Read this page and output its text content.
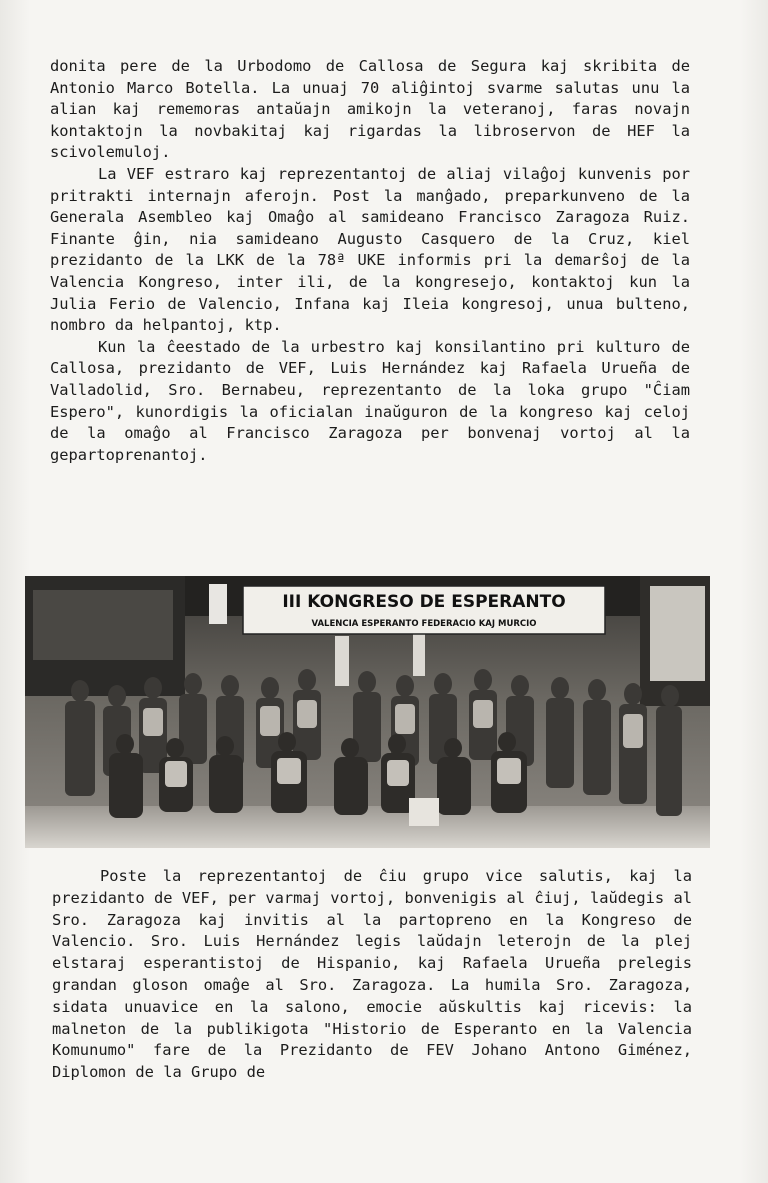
donita pere de la Urbodomo de Callosa de Segura kaj skribita de Antonio Marco Botella. La unuaj 70 aliĝintoj svarme salutas unu la alian kaj rememoras antaŭajn amikojn la veteranoj, faras novajn kontaktojn la novbakitaj kaj rigardas la libroservon de HEF la scivolemuloj.

La VEF estraro kaj reprezentantoj de aliaj vilaĝoj kunvenis por pritrakti internajn aferojn. Post la manĝado, preparkunveno de la Generala Asembleo kaj Omaĝo al samideano Francisco Zaragoza Ruiz. Finante ĝin, nia samideano Augusto Casquero de la Cruz, kiel prezidanto de la LKK de la 78ª UKE informis pri la demarŝoj de la Valencia Kongreso, inter ili, de la kongresejo, kontaktoj kun la Julia Ferio de Valencio, Infana kaj Ileia kongresoj, unua bulteno, nombro da helpantoj, ktp.

Kun la ĉeestado de la urbestro kaj konsilantino pri kulturo de Callosa, prezidanto de VEF, Luis Hernández kaj Rafaela Urueña de Valladolid, Sro. Bernabeu, reprezentanto de la loka grupo "Ĉiam Espero", kunordigis la oficialan inaŭguron de la kongreso kaj celoj de la omaĝo al Francisco Zaragoza per bonvenaj vortoj al la gepartoprenantoj.

III KONGRESO DE ESPERANTO
VALENCIA ESPERANTO FEDERACIO KAJ MURCIO

Poste la reprezentantoj de ĉiu grupo vice salutis, kaj la prezidanto de VEF, per varmaj vortoj, bonvenigis al ĉiuj, laŭdegis al Sro. Zaragoza kaj invitis al la partopreno en la Kongreso de Valencio. Sro. Luis Hernández legis laŭdajn leterojn de la plej elstaraj esperantistoj de Hispanio, kaj Rafaela Urueña prelegis grandan gloson omaĝe al Sro. Zaragoza. La humila Sro. Zaragoza, sidata unuavice en la salono, emocie aŭskultis kaj ricevis: la malneton de la publikigota "Historio de Esperanto en la Valencia Komunumo" fare de la Prezidanto de FEV Johano Antono Giménez, Diplomon de la Grupo de
